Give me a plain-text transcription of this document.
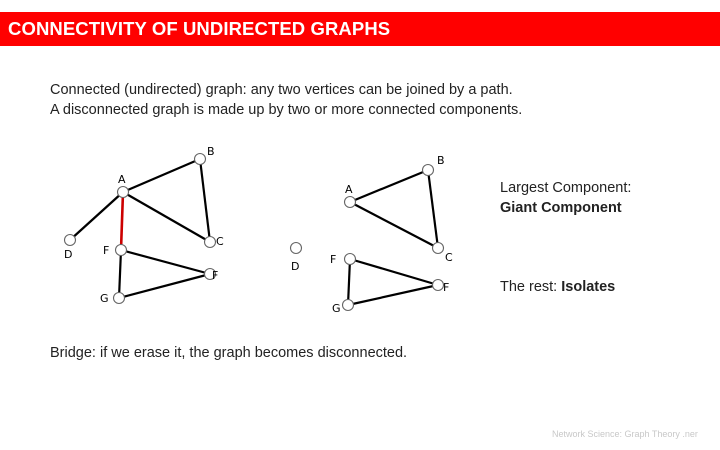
CONNECTIVITY OF UNDIRECTED GRAPHS
Connected (undirected) graph: any two vertices can be joined by a path.
A disconnected graph is made up by two or more connected components.
B
A
C
D	F
F
G
B
A
C
D
F
F
G
Largest Component:
Giant Component
The rest: Isolates
Bridge: if we erase it, the graph becomes disconnected.
Network Science: Graph Theory .ner
